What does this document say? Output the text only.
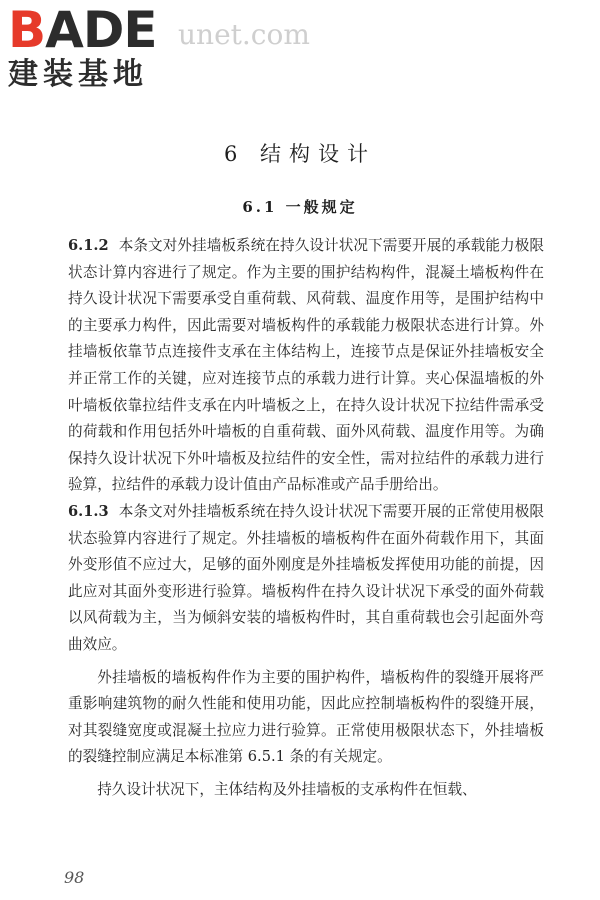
BADE
建装基地
unet.com
6 结构设计
6.1 一般规定

6.1.2 本条文对外挂墙板系统在持久设计状况下需要开展的承载能力极限状态计算内容进行了规定。作为主要的围护结构构件，混凝土墙板构件在持久设计状况下需要承受自重荷载、风荷载、温度作用等，是围护结构中的主要承力构件，因此需要对墙板构件的承载能力极限状态进行计算。外挂墙板依靠节点连接件支承在主体结构上，连接节点是保证外挂墙板安全并正常工作的关键，应对连接节点的承载力进行计算。夹心保温墙板的外叶墙板依靠拉结件支承在内叶墙板之上，在持久设计状况下拉结件需承受的荷载和作用包括外叶墙板的自重荷载、面外风荷载、温度作用等。为确保持久设计状况下外叶墙板及拉结件的安全性，需对拉结件的承载力进行验算，拉结件的承载力设计值由产品标准或产品手册给出。

6.1.3 本条文对外挂墙板系统在持久设计状况下需要开展的正常使用极限状态验算内容进行了规定。外挂墙板的墙板构件在面外荷载作用下，其面外变形值不应过大，足够的面外刚度是外挂墙板发挥使用功能的前提，因此应对其面外变形进行验算。墙板构件在持久设计状况下承受的面外荷载以风荷载为主，当为倾斜安装的墙板构件时，其自重荷载也会引起面外弯曲效应。

外挂墙板的墙板构件作为主要的围护构件，墙板构件的裂缝开展将严重影响建筑物的耐久性能和使用功能，因此应控制墙板构件的裂缝开展，对其裂缝宽度或混凝土拉应力进行验算。正常使用极限状态下，外挂墙板的裂缝控制应满足本标准第 6.5.1 条的有关规定。

持久设计状况下，主体结构及外挂墙板的支承构件在恒载、

98
